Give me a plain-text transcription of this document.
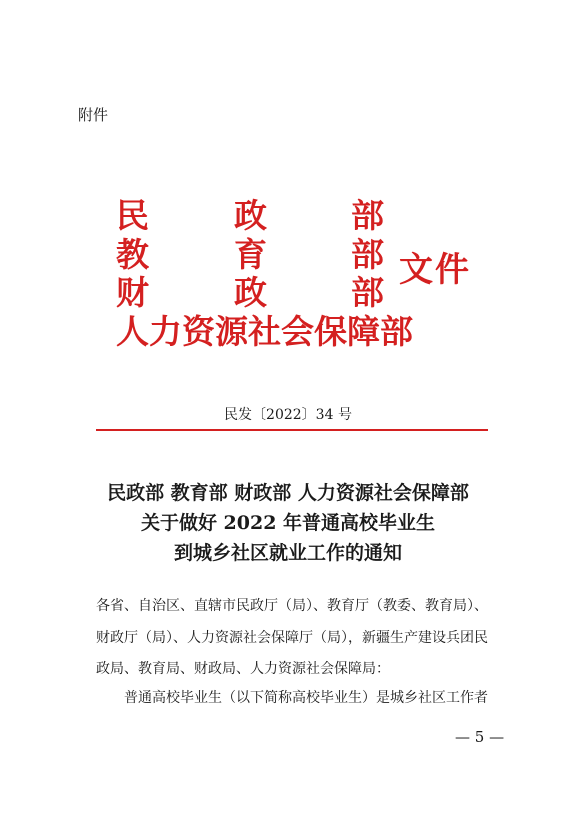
附件
民	政	部
教	育	部
财	政	部
人力资源社会保障部
文件
民发〔2022〕34 号
民政部 教育部 财政部 人力资源社会保障部
关于做好 2022 年普通高校毕业生
到城乡社区就业工作的通知
各省、自治区、直辖市民政厅（局）、教育厅（教委、教育局）、
财政厅（局）、人力资源社会保障厅（局），新疆生产建设兵团民
政局、教育局、财政局、人力资源社会保障局：
普通高校毕业生（以下简称高校毕业生）是城乡社区工作者
— 5 —
